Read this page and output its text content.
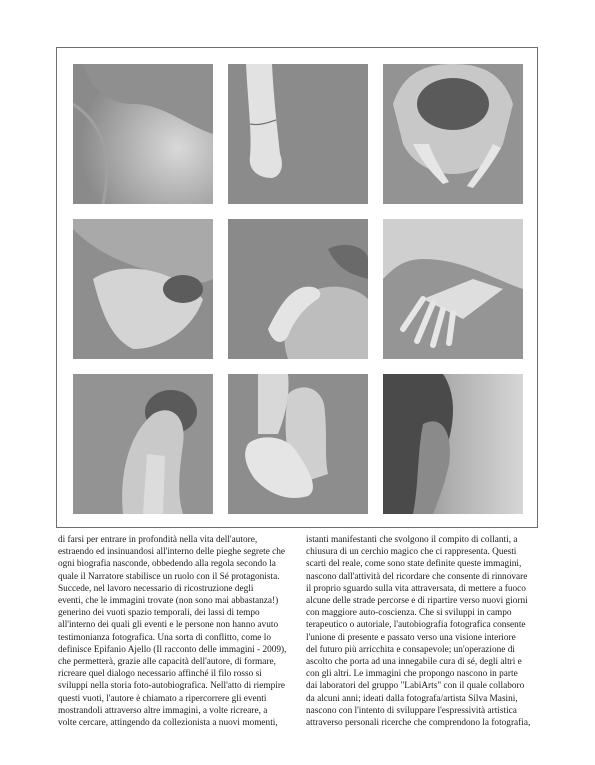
di farsi per entrare in profondità nella vita dell'autore,

estraendo ed insinuandosi all'interno delle pieghe segrete che

ogni biografia nasconde, obbedendo alla regola secondo la

quale il Narratore stabilisce un ruolo con il Sé protagonista.

Succede, nel lavoro necessario di ricostruzione degli

eventi, che le immagini trovate (non sono mai abbastanza!)

generino dei vuoti spazio temporali, dei lassi di tempo

all'interno dei quali gli eventi e le persone non hanno avuto

testimonianza fotografica. Una sorta di conflitto, come lo

definisce Epifanio Ajello (Il racconto delle immagini - 2009),

che permetterà, grazie alle capacità dell'autore, di formare,

ricreare quel dialogo necessario affinché il filo rosso si

sviluppi nella storia foto-autobiografica. Nell'atto di riempire

questi vuoti, l'autore è chiamato a ripercorrere gli eventi

mostrandoli attraverso altre immagini, a volte ricreare, a

volte cercare, attingendo da collezionista a nuovi momenti,

istanti manifestanti che svolgono il compito di collanti, a

chiusura di un cerchio magico che ci rappresenta. Questi

scarti del reale, come sono state definite queste immagini,

nascono dall'attività del ricordare che consente di rinnovare

il proprio sguardo sulla vita attraversata, di mettere a fuoco

alcune delle strade percorse e di ripartire verso nuovi giorni

con maggiore auto-coscienza. Che si sviluppi in campo

terapeutico o autoriale, l'autobiografia fotografica consente

l'unione di presente e passato verso una visione interiore

del futuro più arricchita e consapevole; un'operazione di

ascolto che porta ad una innegabile cura di sé, degli altri e

con gli altri. Le immagini che propongo nascono in parte

dai laboratori del gruppo "LabiArts" con il quale collaboro

da alcuni anni; ideati dalla fotografa/artista Silva Masini,

nascono con l'intento di sviluppare l'espressività artistica

attraverso personali ricerche che comprendono la fotografia,
